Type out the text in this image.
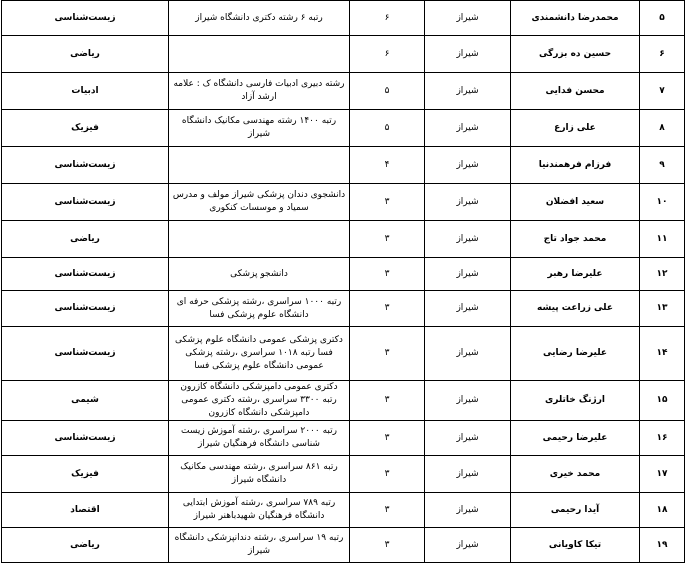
۵	محمدرضا دانشمندی	شیراز	۶	رتبه ۶ رشته دکتری دانشگاه شیراز	زیست‌شناسی

۶	حسین ده بزرگی	شیراز	۶		ریاضی

۷	محسن فدایی	شیراز	۵	رشته دبیری ادبیات فارسی دانشگاه ک : علامه ارشد آزاد	ادبیات

۸	علی زارع	شیراز	۵	رتبه ۱۴۰۰ رشته مهندسی مکانیک دانشگاه شیراز	فیزیک

۹	فرزام فرهمندنیا	شیراز	۴		زیست‌شناسی

۱۰	سعید افضلان	شیراز	۳	دانشجوی دندان پزشکی شیراز مولف و مدرس سمیاد و موسسات کنکوری	زیست‌شناسی

۱۱	محمد جواد تاج	شیراز	۳		ریاضی

۱۲	علیرضا رهبر	شیراز	۳	دانشجو پزشکی	زیست‌شناسی

۱۳	علی زراعت پیشه	شیراز	۳	رتبه ۱۰۰۰ سراسری ،رشته پزشکی حرفه ای دانشگاه علوم پزشکی فسا	زیست‌شناسی

۱۴	علیرضا رضایی	شیراز	۳	دکتری پزشکی عمومی دانشگاه علوم پزشکی فسا رتبه ۱۰۱۸ سراسری ،رشته پزشکی عمومی دانشگاه علوم پزشکی فسا	زیست‌شناسی

۱۵	ارژنگ خاتلری	شیراز	۳	دکتری عمومی دامپزشکی دانشگاه کازرون رتبه ۳۳۰۰ سراسری ،رشته دکتری عمومی دامپزشکی دانشگاه کازرون	شیمی

۱۶	علیرضا رحیمی	شیراز	۳	رتبه ۲۰۰۰ سراسری ،رشته آموزش زیست شناسی دانشگاه فرهنگیان شیراز	زیست‌شناسی

۱۷	محمد خیری	شیراز	۳	رتبه ۸۶۱ سراسری ،رشته مهندسی مکانیک دانشگاه شیراز	فیزیک

۱۸	آیدا رحیمی	شیراز	۳	رتبه ۷۸۹ سراسری ،رشته آموزش ابتدایی دانشگاه فرهنگیان شهیدباهنر شیراز	اقتصاد

۱۹	تیکا کاویانی	شیراز	۳	رتبه ۱۹ سراسری ،رشته دندانپزشکی دانشگاه شیراز	ریاضی
